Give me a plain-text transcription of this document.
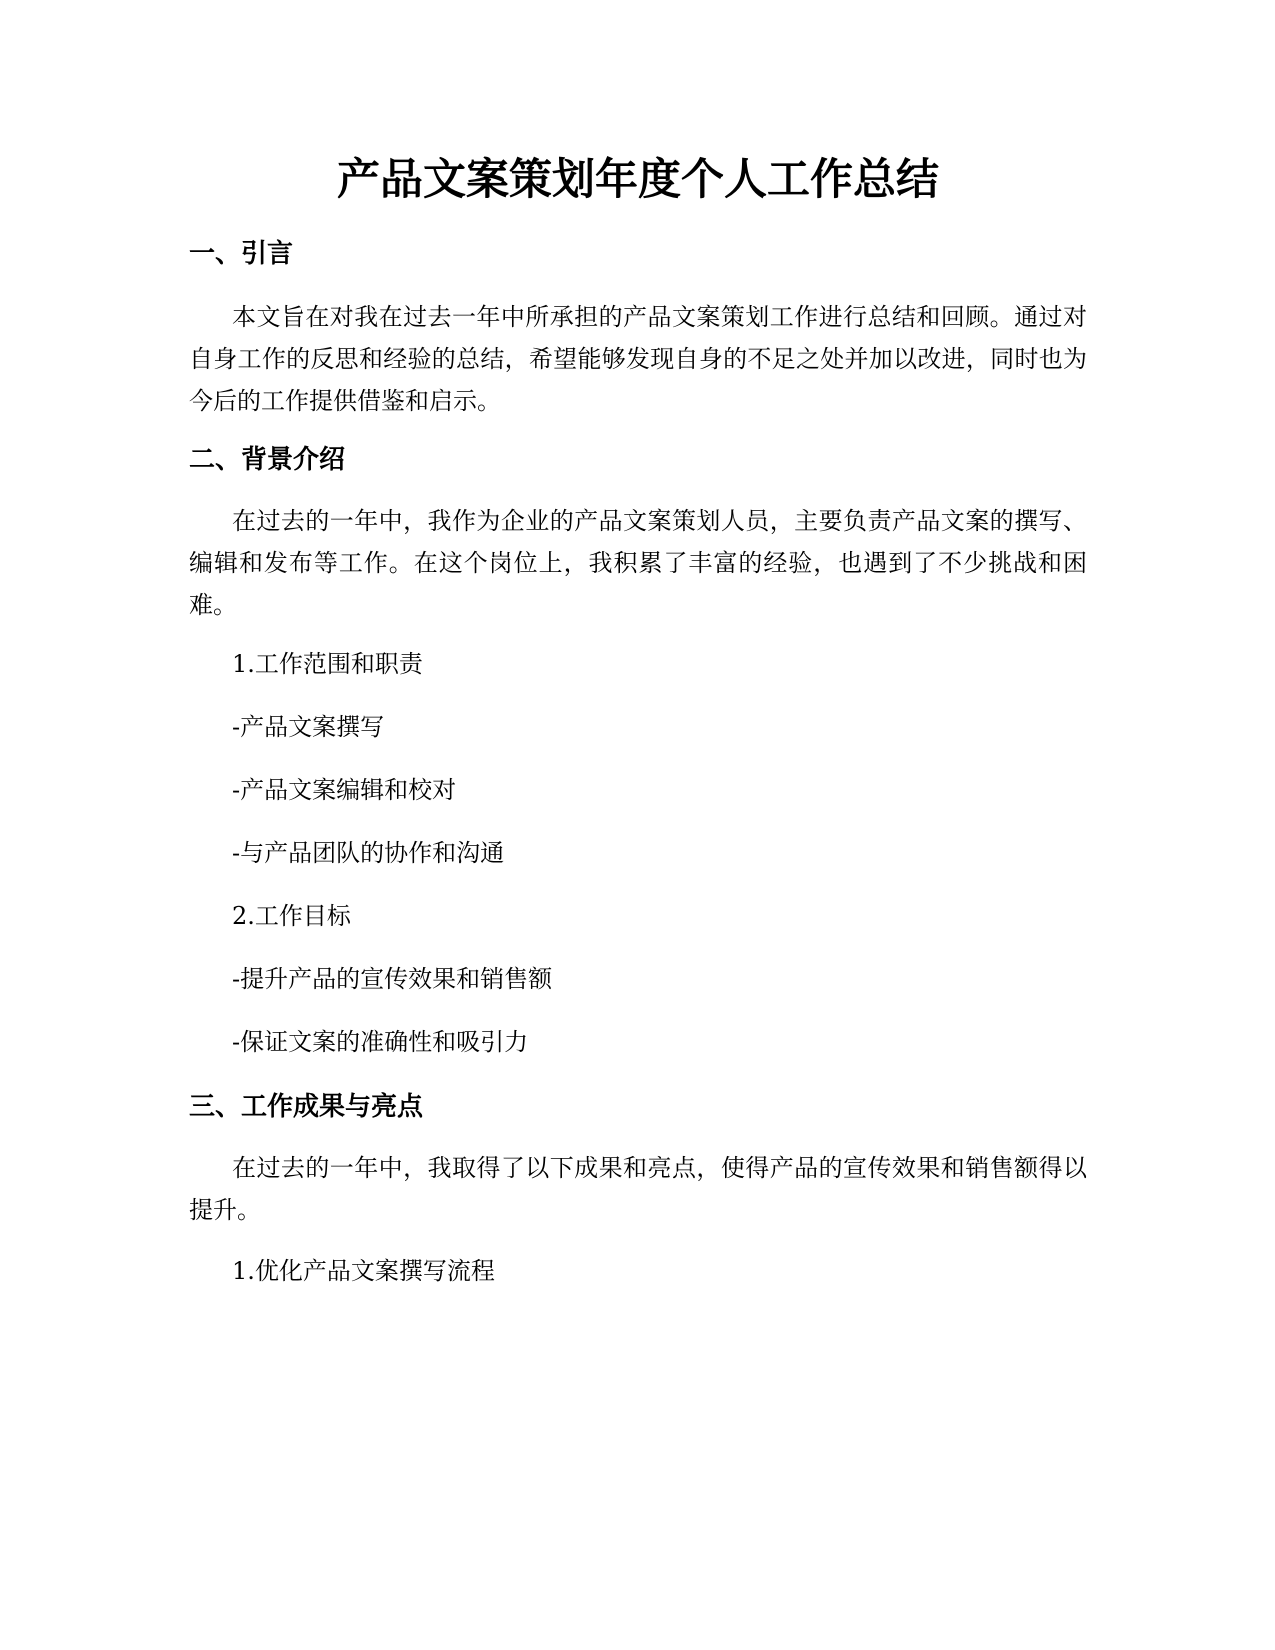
产品文案策划年度个人工作总结
一、引言

本文旨在对我在过去一年中所承担的产品文案策划工作进行总结和回顾。通过对自身工作的反思和经验的总结，希望能够发现自身的不足之处并加以改进，同时也为今后的工作提供借鉴和启示。

二、背景介绍

在过去的一年中，我作为企业的产品文案策划人员，主要负责产品文案的撰写、编辑和发布等工作。在这个岗位上，我积累了丰富的经验，也遇到了不少挑战和困难。

1.工作范围和职责

-产品文案撰写

-产品文案编辑和校对

-与产品团队的协作和沟通

2.工作目标

-提升产品的宣传效果和销售额

-保证文案的准确性和吸引力

三、工作成果与亮点

在过去的一年中，我取得了以下成果和亮点，使得产品的宣传效果和销售额得以提升。

1.优化产品文案撰写流程
